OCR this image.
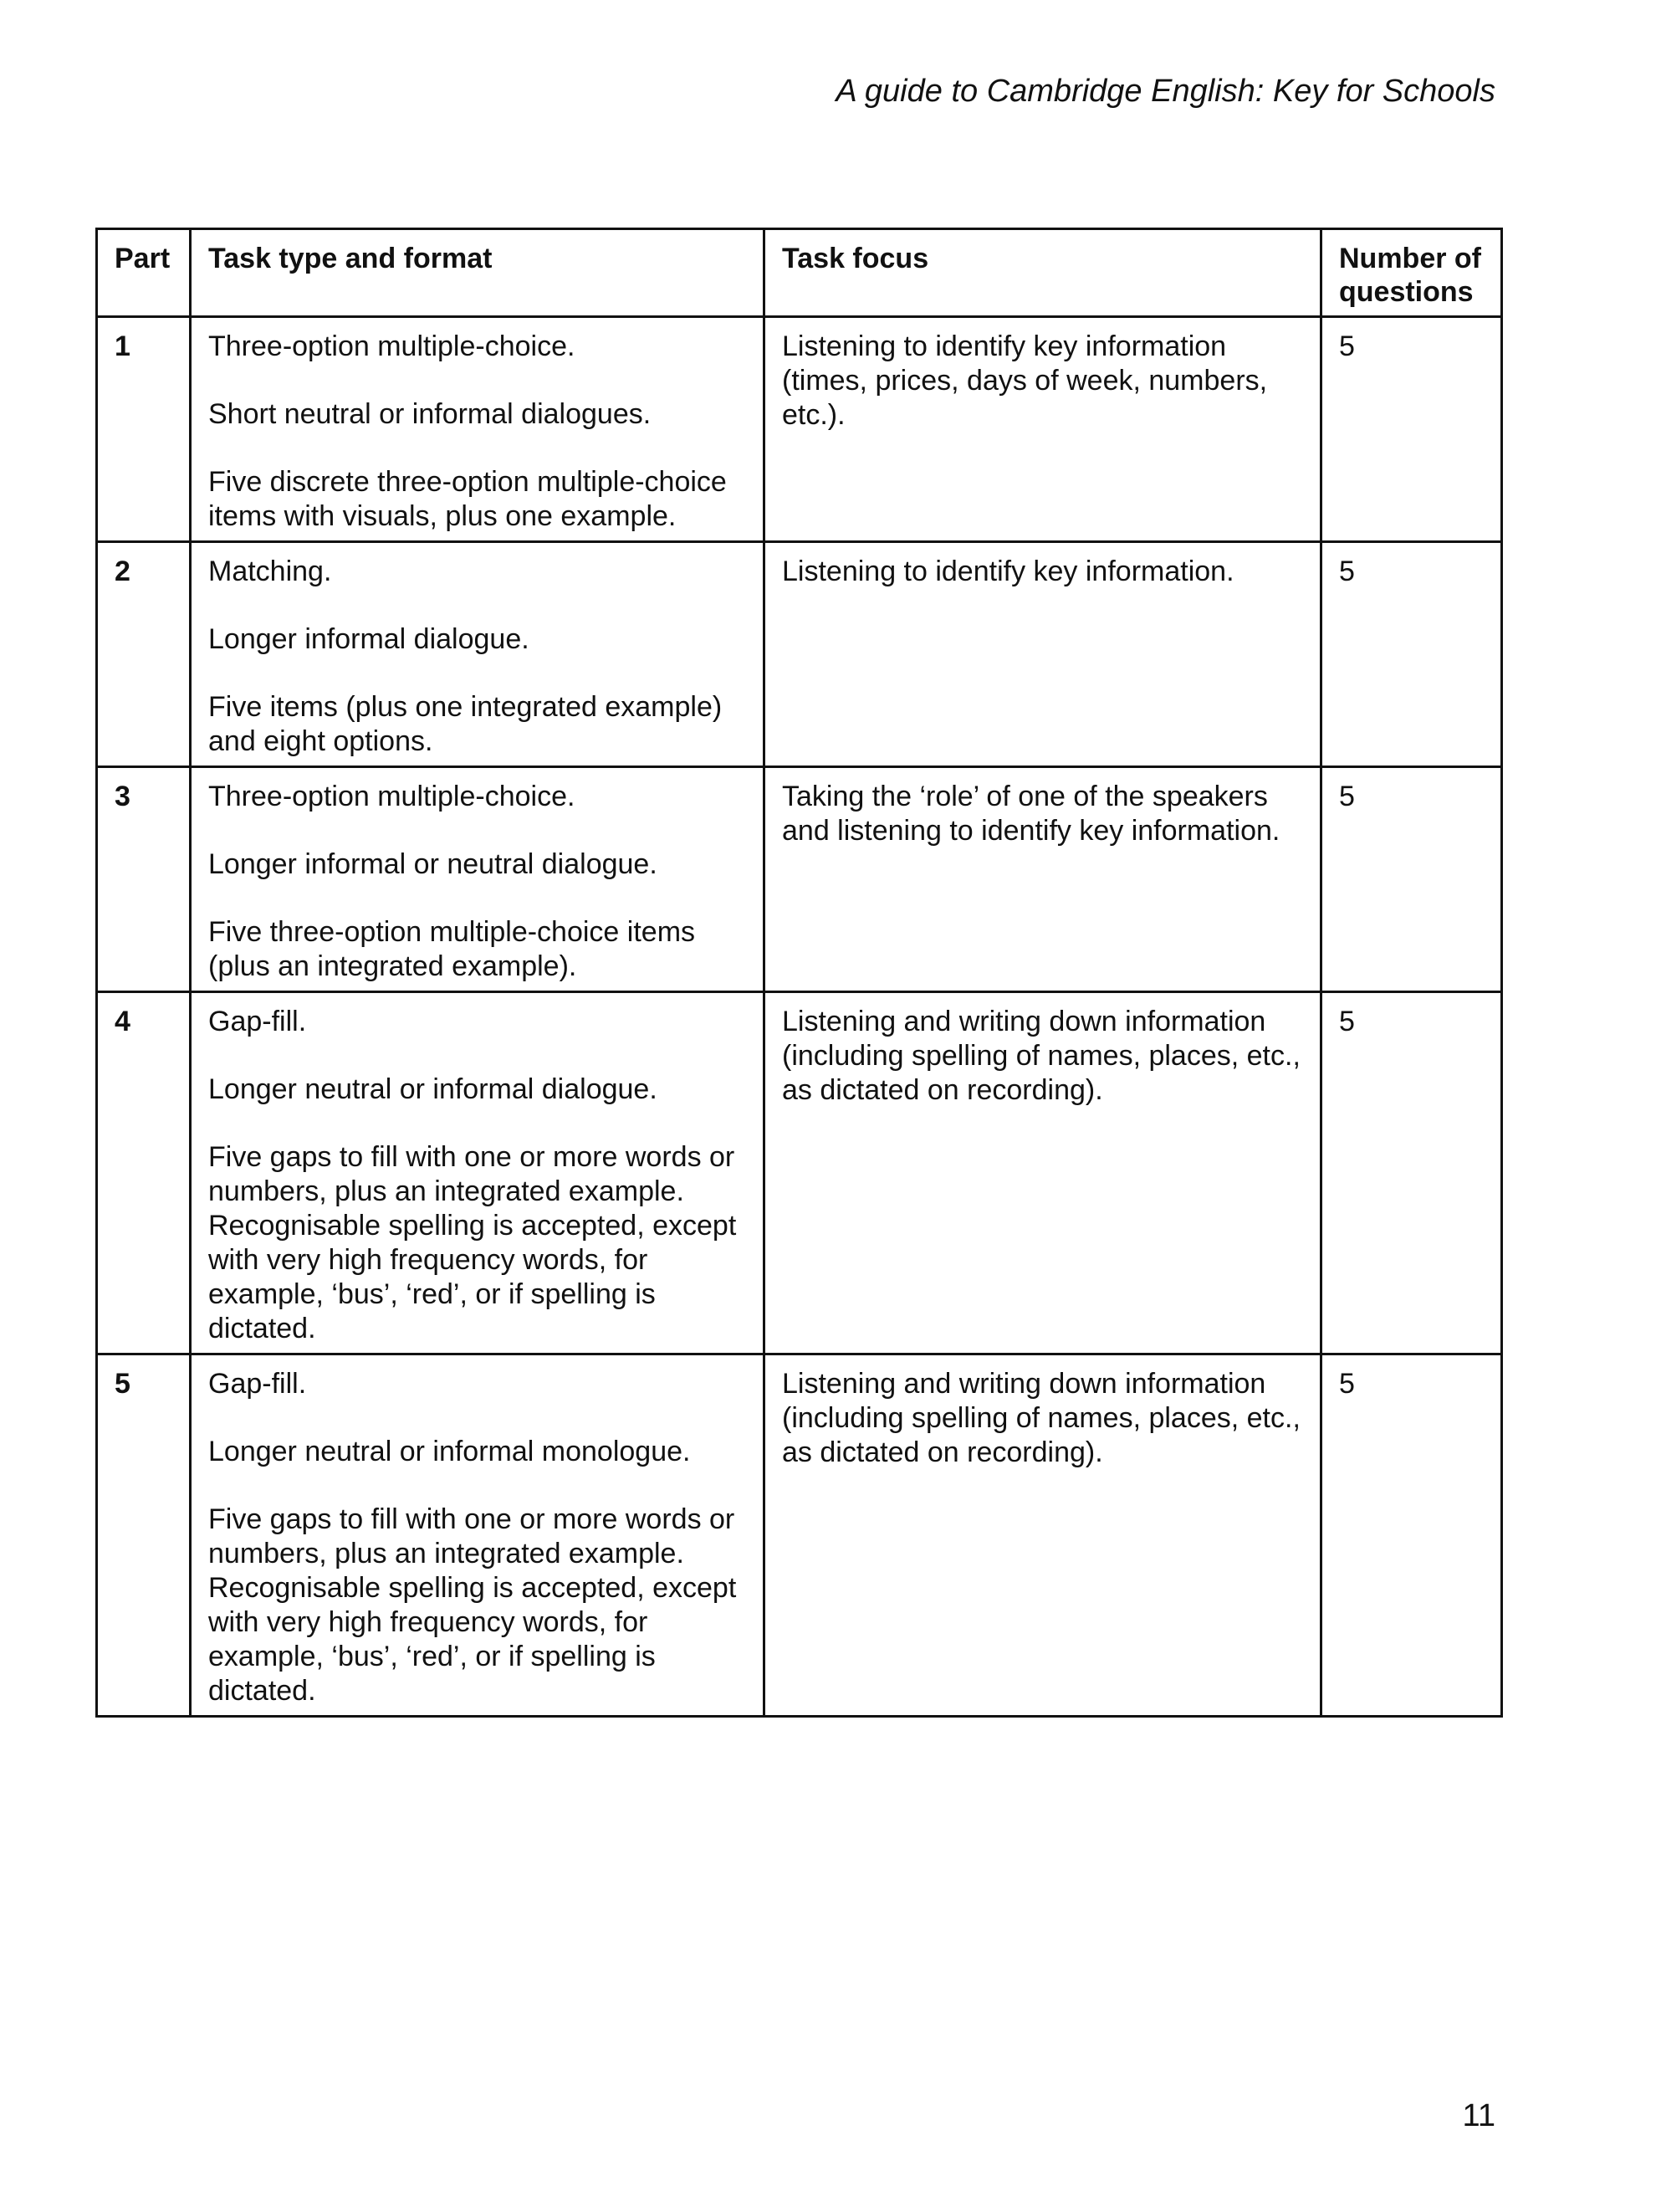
A guide to Cambridge English: Key for Schools
Part	Task type and format	Task focus	Number of questions
1	Three-option multiple-choice.

Short neutral or informal dialogues.

Five discrete three-option multiple-choice items with visuals, plus one example.	Listening to identify key information (times, prices, days of week, numbers, etc.).	5
2	Matching.

Longer informal dialogue.

Five items (plus one integrated example) and eight options.	Listening to identify key information.	5
3	Three-option multiple-choice.

Longer informal or neutral dialogue.

Five three-option multiple-choice items (plus an integrated example).	Taking the ‘role’ of one of the speakers and listening to identify key information.	5
4	Gap-fill.

Longer neutral or informal dialogue.

Five gaps to fill with one or more words or numbers, plus an integrated example. Recognisable spelling is accepted, except with very high frequency words, for example, ‘bus’, ‘red’, or if spelling is dictated.	Listening and writing down information (including spelling of names, places, etc., as dictated on recording).	5
5	Gap-fill.

Longer neutral or informal monologue.

Five gaps to fill with one or more words or numbers, plus an integrated example. Recognisable spelling is accepted, except with very high frequency words, for example, ‘bus’, ‘red’, or if spelling is dictated.	Listening and writing down information (including spelling of names, places, etc., as dictated on recording).	5
11
